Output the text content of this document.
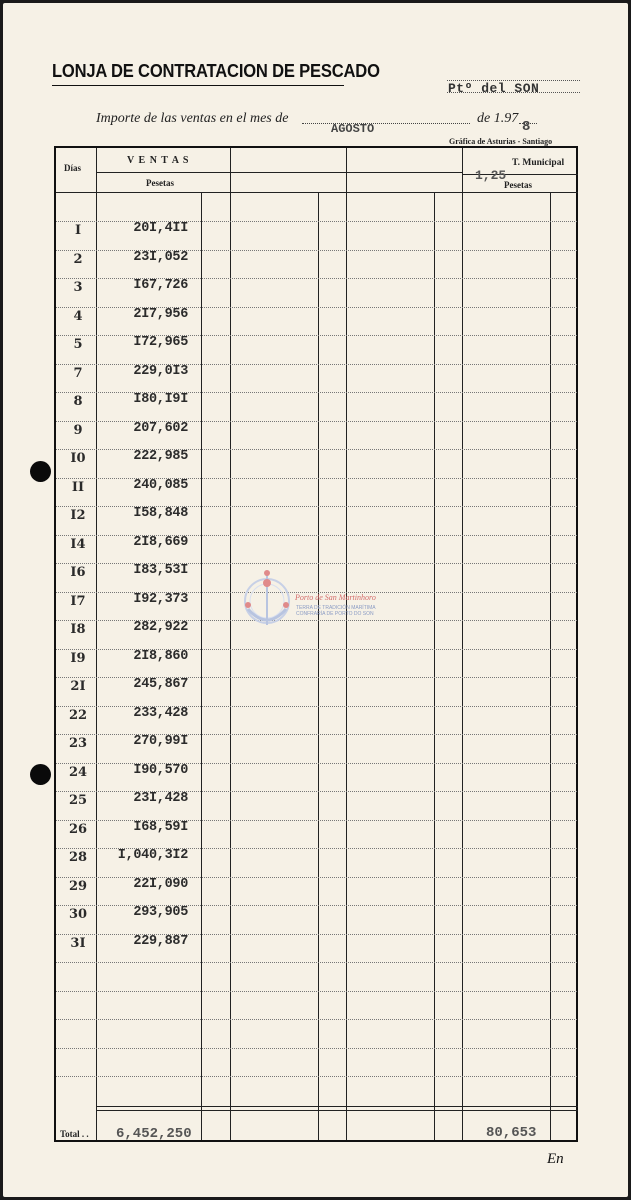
LONJA DE CONTRATACION DE PESCADO
Ptº del SON
Importe de las ventas en el mes de
AGOSTO
de 1.97
8
Gráfica de Asturias - Santiago
Días
V E N T A S
Pesetas
T. Municipal
1,25
Pesetas
I	20I,4II
2	23I,052
3	I67,726
4	2I7,956
5	I72,965
7	229,0I3
8	I80,I9I
9	207,602
I0	222,985
II	240,085
I2	I58,848
I4	2I8,669
I6	I83,53I
I7	I92,373
I8	282,922
I9	2I8,860
2I	245,867
22	233,428
23	270,99I
24	I90,570
25	23I,428
26	I68,59I
28	I,040,3I2
29	22I,090
30	293,905
3I	229,887
Total . . 6,452,250	80,653
Porto de San Martinhoro
TERRA DE TRADICIÓN MARÍTIMA
CONFRARÍA DE PORTO DO SON
En
